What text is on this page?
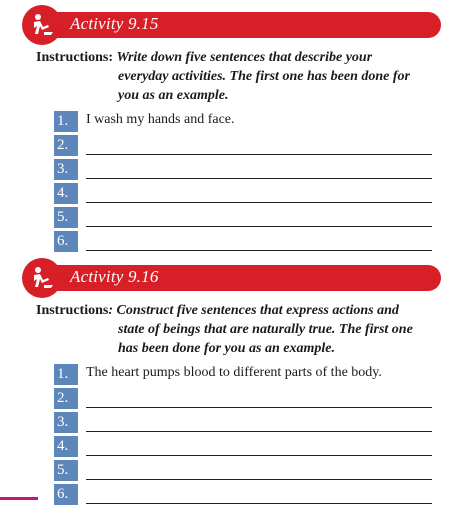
Activity 9.15
Instructions: Write down five sentences that describe your
everyday activities. The first one has been done for
you as an example.
1.	I wash my hands and face.
2.
3.
4.
5.
6.
Activity 9.16
Instructions: Construct five sentences that express actions and
state of beings that are naturally true. The first one
has been done for you as an example.
1.	The heart pumps blood to different parts of the body.
2.
3.
4.
5.
6.
